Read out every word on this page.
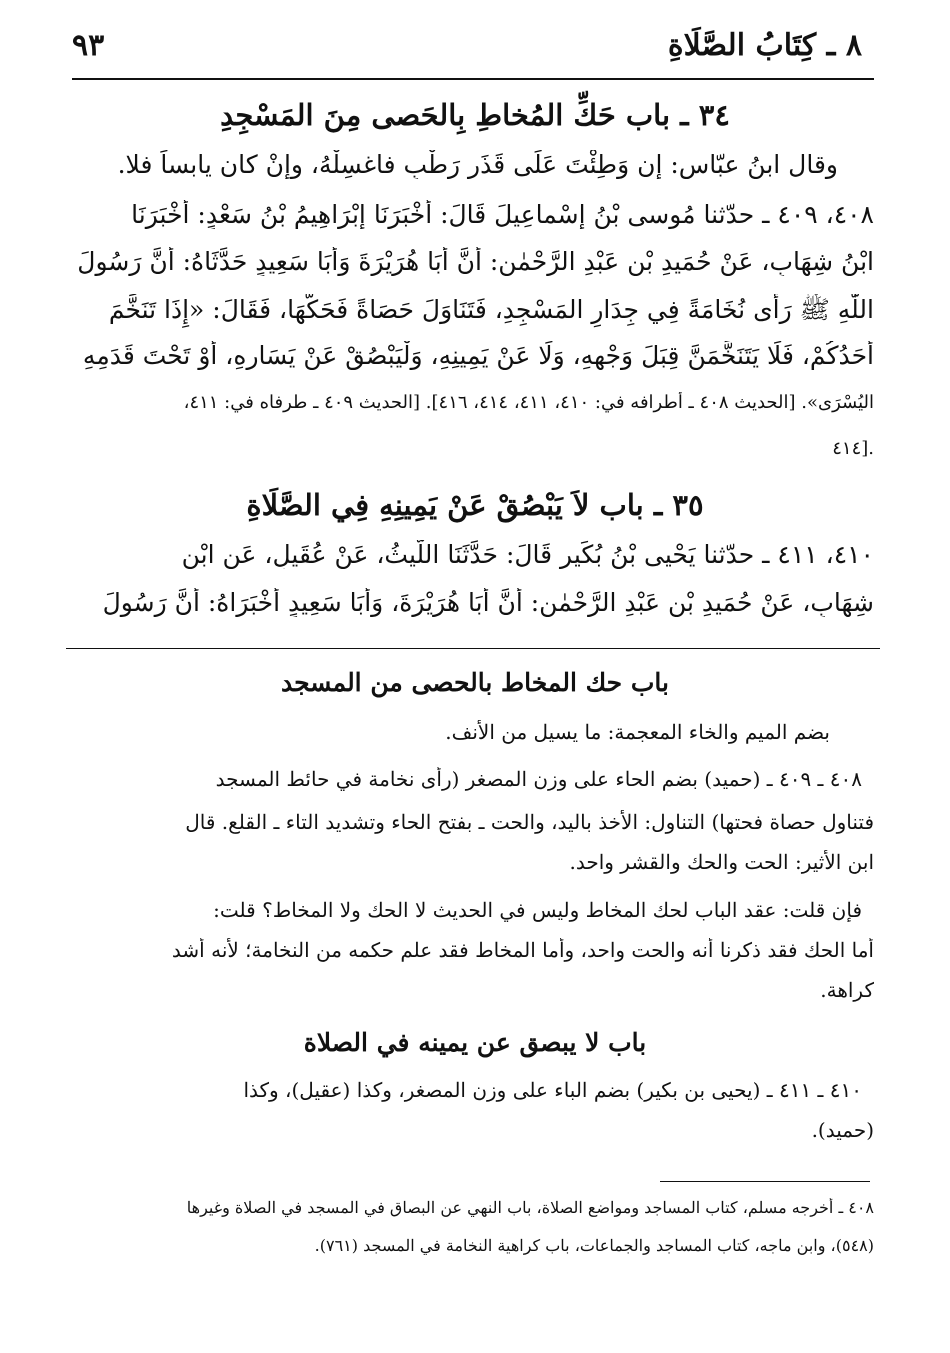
٨ ـ كِتَابُ الصَّلَاةِ
٩٣
٣٤ ـ باب حَكِّ المُخاطِ بِالحَصى مِنَ المَسْجِدِ
وقال ابنُ عبّاسٍ: إن وَطِئْتَ عَلَى قَذَرٍ رَطْبٍ فاغسِلْهُ، وإنْ كان يابساً فلا.
٤٠٨، ٤٠٩ ـ حدّثنا مُوسى بْنُ إِسْماعِيلَ قَالَ: أَخْبَرَنَا إِبْرَاهِيمُ بْنُ سَعْدٍ: أَخْبَرَنَا
ابْنُ شِهَابٍ، عَنْ حُمَيدِ بْنِ عَبْدِ الرَّحْمٰنِ: أَنَّ أَبَا هُرَيْرَةَ وَأَبَا سَعِيدٍ حَدَّثَاهُ: أَنَّ رَسُولَ
اللّٰهِ ﷺ رَأَى نُخَامَةً فِي جِدَارِ المَسْجِدِ، فَتَنَاوَلَ حَصَاةً فَحَكَّهَا، فَقَالَ: «إِذَا تَنَخَّمَ
أَحَدُكُمْ، فَلَا يَتَنَخَّمَنَّ قِبَلَ وَجْهِهِ، وَلَا عَنْ يَمِينِهِ، وَلْيَبْصُقْ عَنْ يَسَارِهِ، أَوْ تَحْتَ قَدَمِهِ
اليُسْرَى». [الحديث ٤٠٨ ـ أطرافه في: ٤١٠، ٤١١، ٤١٤، ٤١٦]. [الحديث ٤٠٩ ـ طرفاه في: ٤١١،
٤١٤].
٣٥ ـ باب لاَ يَبْصُقْ عَنْ يَمِينِهِ فِي الصَّلَاةِ
٤١٠، ٤١١ ـ حدّثنا يَحْيى بْنُ بُكَيرٍ قَالَ: حَدَّثَنَا اللَّيثُ، عَنْ عُقَيلٍ، عَنِ ابْنِ
شِهَابٍ، عَنْ حُمَيدِ بْنِ عَبْدِ الرَّحْمٰنِ: أَنَّ أَبَا هُرَيْرَةَ، وَأَبَا سَعِيدٍ أَخْبَرَاهُ: أَنَّ رَسُولَ
باب حك المخاط بالحصى من المسجد
بضم الميم والخاء المعجمة: ما يسيل من الأنف.
٤٠٨ ـ ٤٠٩ ـ (حميد) بضم الحاء على وزن المصغر (رأى نخامة في حائط المسجد
فتناول حصاة فحتها) التناول: الأخذ باليد، والحت ـ بفتح الحاء وتشديد التاء ـ القلع. قال
ابن الأثير: الحت والحك والقشر واحد.
فإن قلت: عقد الباب لحك المخاط وليس في الحديث لا الحك ولا المخاط؟ قلت:
أما الحك فقد ذكرنا أنه والحت واحد، وأما المخاط فقد علم حكمه من النخامة؛ لأنه أشد
كراهة.
باب لا يبصق عن يمينه في الصلاة
٤١٠ ـ ٤١١ ـ (يحيى بن بكير) بضم الباء على وزن المصغر، وكذا (عقيل)، وكذا
(حميد).
٤٠٨ ـ أخرجه مسلم، كتاب المساجد ومواضع الصلاة، باب النهي عن البصاق في المسجد في الصلاة وغيرها
(٥٤٨)، وابن ماجه، كتاب المساجد والجماعات، باب كراهية النخامة في المسجد (٧٦١).
